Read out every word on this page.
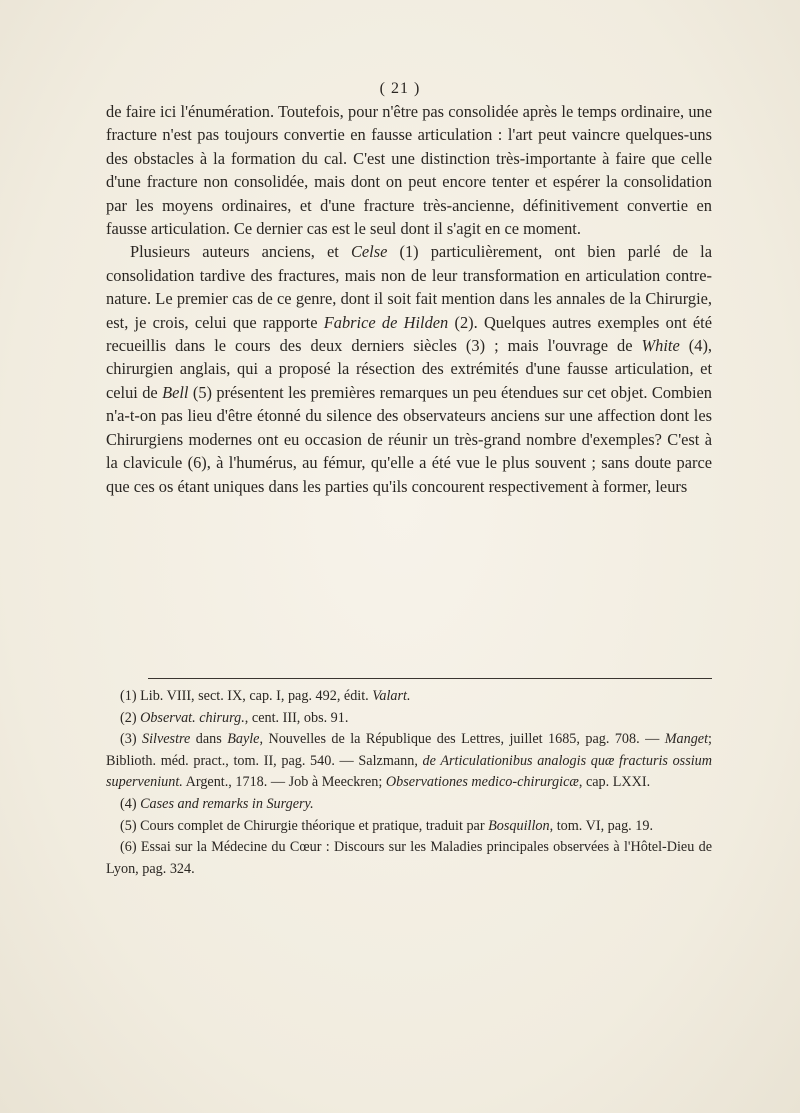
( 21 )

de faire ici l'énumération. Toutefois, pour n'être pas consolidée après le temps ordinaire, une fracture n'est pas toujours convertie en fausse articulation : l'art peut vaincre quelques-uns des obstacles à la formation du cal. C'est une distinction très-importante à faire que celle d'une fracture non consolidée, mais dont on peut encore tenter et espérer la consolidation par les moyens ordinaires, et d'une fracture très-ancienne, définitivement convertie en fausse articulation. Ce dernier cas est le seul dont il s'agit en ce moment.

Plusieurs auteurs anciens, et Celse (1) particulièrement, ont bien parlé de la consolidation tardive des fractures, mais non de leur transformation en articulation contre-nature. Le premier cas de ce genre, dont il soit fait mention dans les annales de la Chirurgie, est, je crois, celui que rapporte Fabrice de Hilden (2). Quelques autres exemples ont été recueillis dans le cours des deux derniers siècles (3) ; mais l'ouvrage de White (4), chirurgien anglais, qui a proposé la résection des extrémités d'une fausse articulation, et celui de Bell (5) présentent les premières remarques un peu étendues sur cet objet. Combien n'a-t-on pas lieu d'être étonné du silence des observateurs anciens sur une affection dont les Chirurgiens modernes ont eu occasion de réunir un très-grand nombre d'exemples? C'est à la clavicule (6), à l'humérus, au fémur, qu'elle a été vue le plus souvent ; sans doute parce que ces os étant uniques dans les parties qu'ils concourent respectivement à former, leurs

(1) Lib. VIII, sect. IX, cap. I, pag. 492, édit. Valart.

(2) Observat. chirurg., cent. III, obs. 91.

(3) Silvestre dans Bayle, Nouvelles de la République des Lettres, juillet 1685, pag. 708. — Manget; Biblioth. méd. pract., tom. II, pag. 540. — Salzmann, de Articulationibus analogis quæ fracturis ossium superveniunt. Argent., 1718. — Job à Meeckren; Observationes medico-chirurgicæ, cap. LXXI.

(4) Cases and remarks in Surgery.

(5) Cours complet de Chirurgie théorique et pratique, traduit par Bosquillon, tom. VI, pag. 19.

(6) Essai sur la Médecine du Cœur : Discours sur les Maladies principales observées à l'Hôtel-Dieu de Lyon, pag. 324.
